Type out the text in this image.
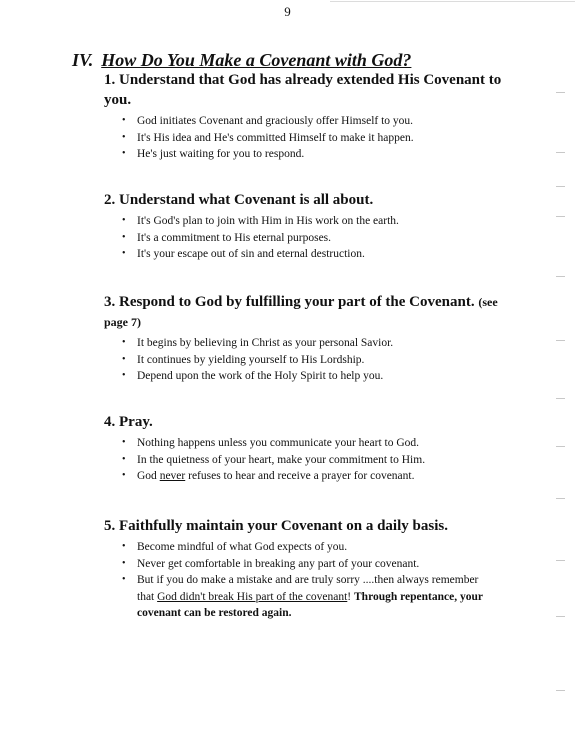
9
IV. How Do You Make a Covenant with God?

1. Understand that God has already extended His Covenant to you.

• God initiates Covenant and graciously offer Himself to you.
• It's His idea and He's committed Himself to make it happen.
• He's just waiting for you to respond.

2. Understand what Covenant is all about.

• It's God's plan to join with Him in His work on the earth.
• It's a commitment to His eternal purposes.
• It's your escape out of sin and eternal destruction.

3. Respond to God by fulfilling your part of the Covenant. (see page 7)

• It begins by believing in Christ as your personal Savior.
• It continues by yielding yourself to His Lordship.
• Depend upon the work of the Holy Spirit to help you.

4. Pray.

• Nothing happens unless you communicate your heart to God.
• In the quietness of your heart, make your commitment to Him.
• God never refuses to hear and receive a prayer for covenant.

5. Faithfully maintain your Covenant on a daily basis.

• Become mindful of what God expects of you.
• Never get comfortable in breaking any part of your covenant.
• But if you do make a mistake and are truly sorry ....then always remember that God didn't break His part of the covenant! Through repentance, your covenant can be restored again.
